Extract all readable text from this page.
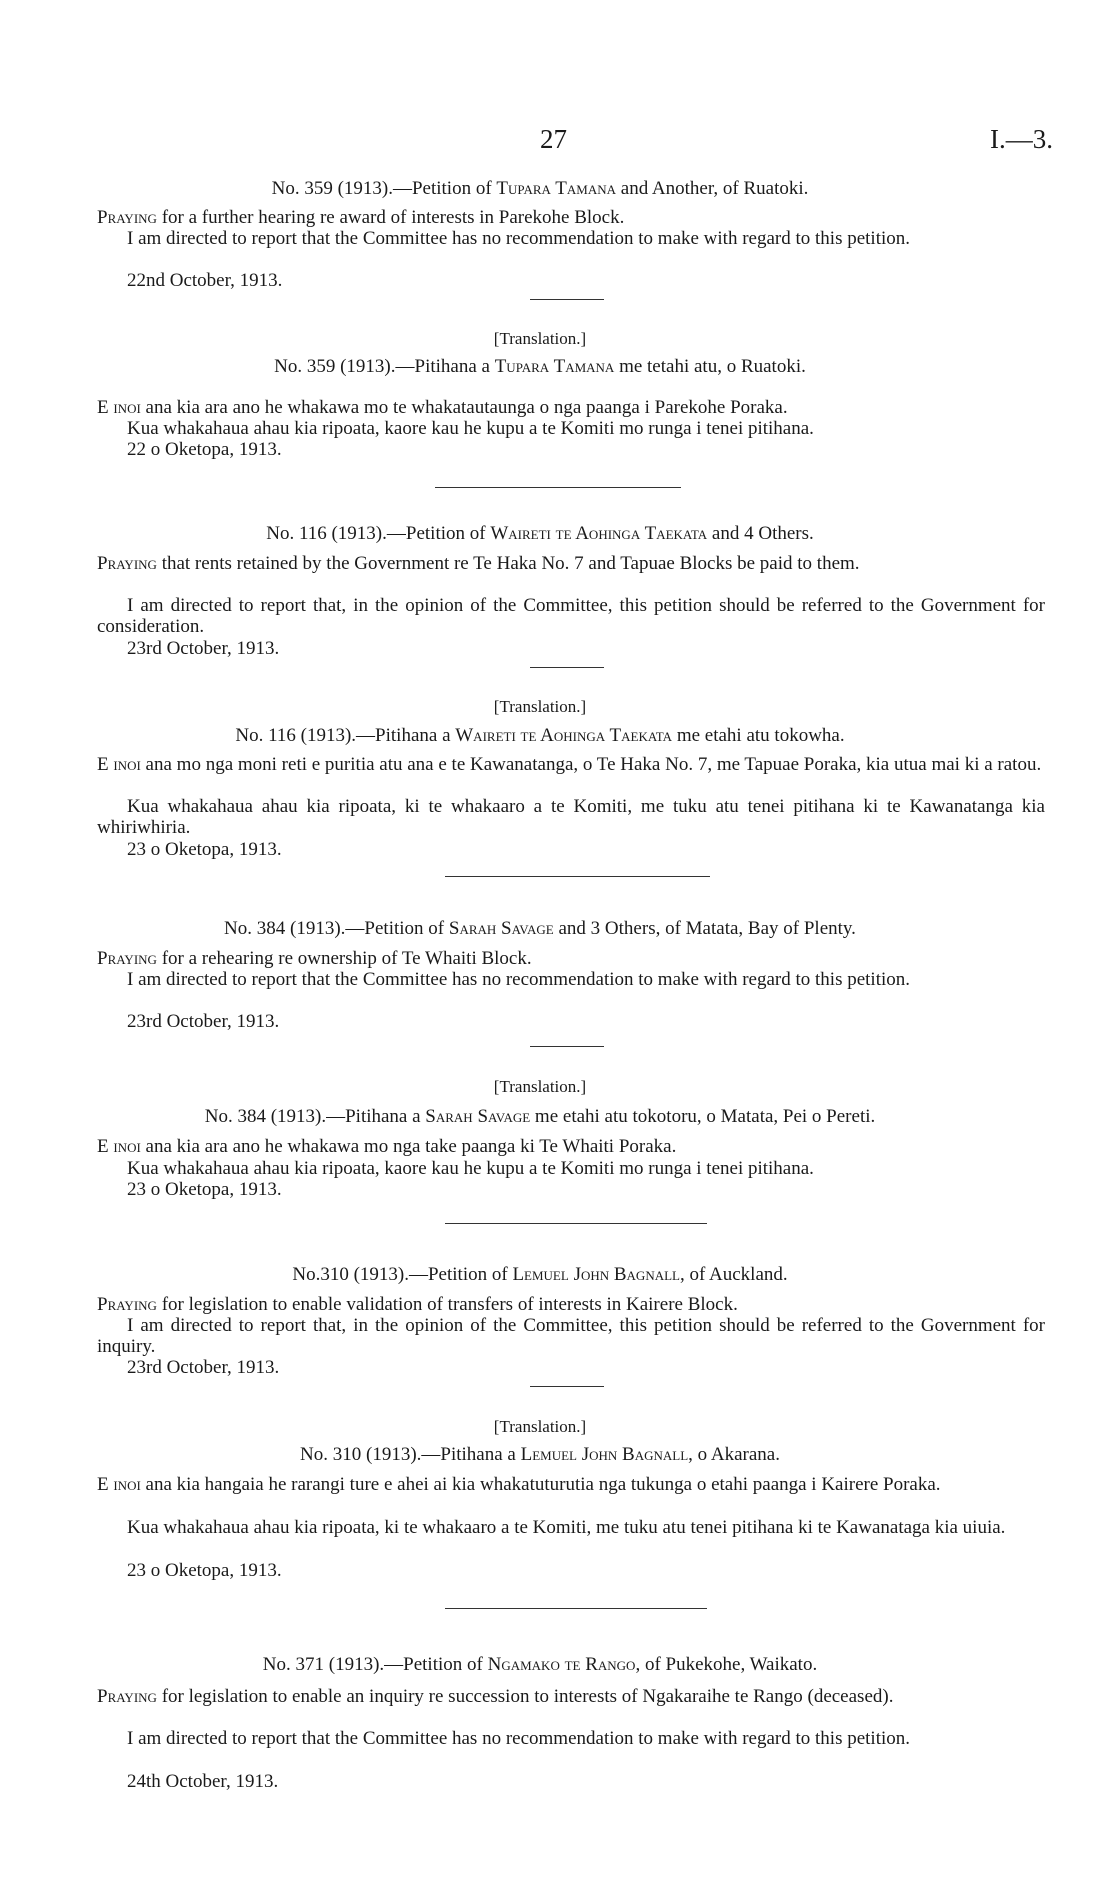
27	I.—3.
No. 359 (1913).—Petition of Tupara Tamana and Another, of Ruatoki.
Praying for a further hearing re award of interests in Parekohe Block.
I am directed to report that the Committee has no recommendation to make with regard to this petition.
22nd October, 1913.
[Translation.]
No. 359 (1913).—Pitihana a Tupara Tamana me tetahi atu, o Ruatoki.
E inoi ana kia ara ano he whakawa mo te whakatautaunga o nga paanga i Parekohe Poraka.
Kua whakahaua ahau kia ripoata, kaore kau he kupu a te Komiti mo runga i tenei pitihana.
22 o Oketopa, 1913.
No. 116 (1913).—Petition of Waireti te Aohinga Taekata and 4 Others.
Praying that rents retained by the Government re Te Haka No. 7 and Tapuae Blocks be paid to them.
I am directed to report that, in the opinion of the Committee, this petition should be referred to the Government for consideration.
23rd October, 1913.
[Translation.]
No. 116 (1913).—Pitihana a Waireti te Aohinga Taekata me etahi atu tokowha.
E inoi ana mo nga moni reti e puritia atu ana e te Kawanatanga, o Te Haka No. 7, me Tapuae Poraka, kia utua mai ki a ratou.
Kua whakahaua ahau kia ripoata, ki te whakaaro a te Komiti, me tuku atu tenei pitihana ki te Kawanatanga kia whiriwhiria.
23 o Oketopa, 1913.
No. 384 (1913).—Petition of Sarah Savage and 3 Others, of Matata, Bay of Plenty.
Praying for a rehearing re ownership of Te Whaiti Block.
I am directed to report that the Committee has no recommendation to make with regard to this petition.
23rd October, 1913.
[Translation.]
No. 384 (1913).—Pitihana a Sarah Savage me etahi atu tokotoru, o Matata, Pei o Pereti.
E inoi ana kia ara ano he whakawa mo nga take paanga ki Te Whaiti Poraka.
Kua whakahaua ahau kia ripoata, kaore kau he kupu a te Komiti mo runga i tenei pitihana.
23 o Oketopa, 1913.
No.310 (1913).—Petition of Lemuel John Bagnall, of Auckland.
Praying for legislation to enable validation of transfers of interests in Kairere Block.
I am directed to report that, in the opinion of the Committee, this petition should be referred to the Government for inquiry.
23rd October, 1913.
[Translation.]
No. 310 (1913).—Pitihana a Lemuel John Bagnall, o Akarana.
E inoi ana kia hangaia he rarangi ture e ahei ai kia whakatuturutia nga tukunga o etahi paanga i Kairere Poraka.
Kua whakahaua ahau kia ripoata, ki te whakaaro a te Komiti, me tuku atu tenei pitihana ki te Kawanataga kia uiuia.
23 o Oketopa, 1913.
No. 371 (1913).—Petition of Ngamako te Rango, of Pukekohe, Waikato.
Praying for legislation to enable an inquiry re succession to interests of Ngakaraihe te Rango (deceased).
I am directed to report that the Committee has no recommendation to make with regard to this petition.
24th October, 1913.
